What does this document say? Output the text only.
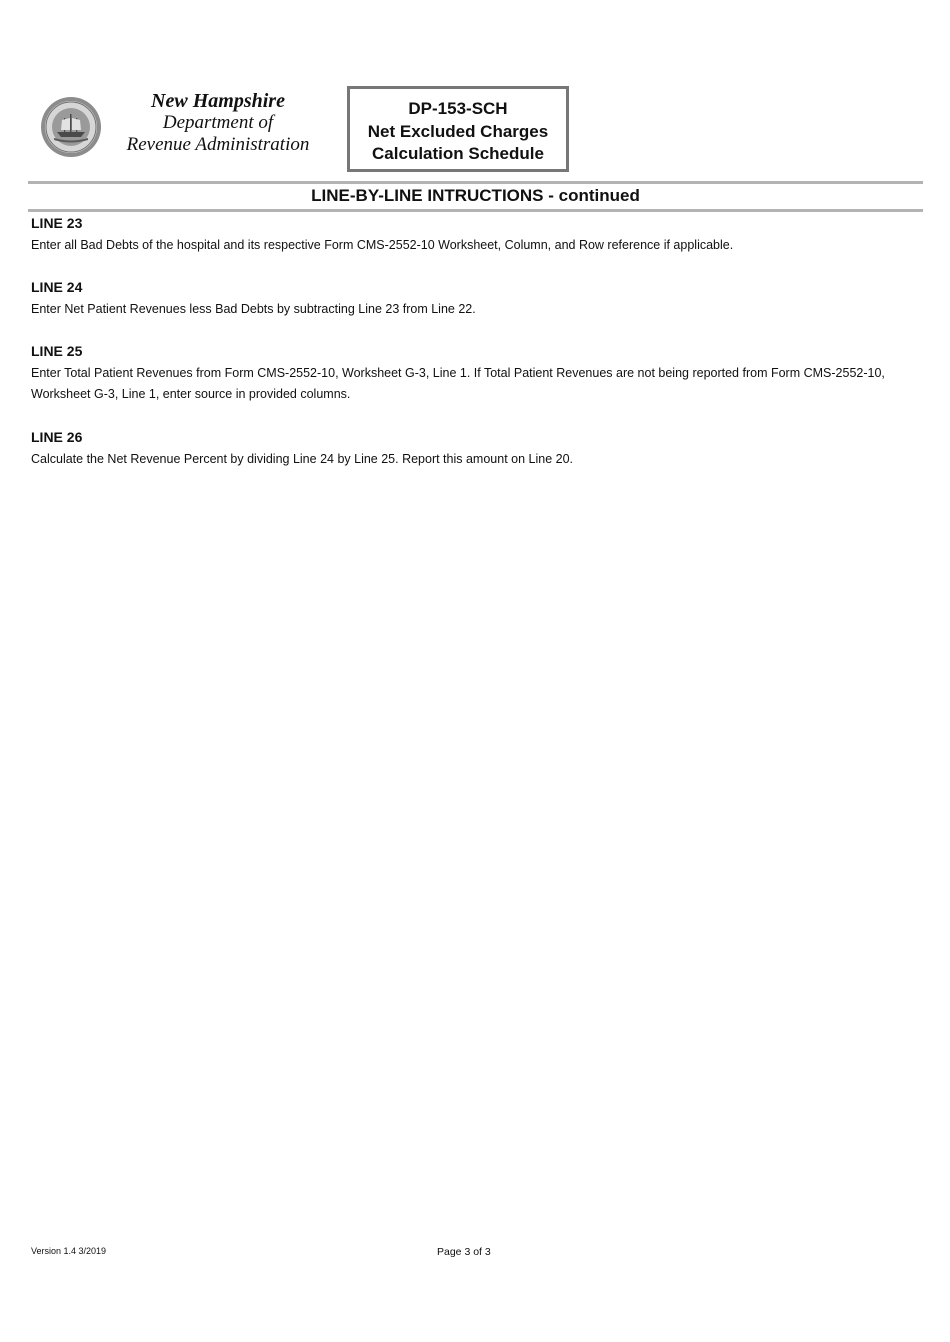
New Hampshire
Department of
Revenue Administration
DP-153-SCH
Net Excluded Charges
Calculation Schedule
LINE-BY-LINE INTRUCTIONS - continued
LINE 23
Enter all Bad Debts of the hospital and its respective Form CMS-2552-10 Worksheet, Column, and Row reference if applicable.
LINE 24
Enter Net Patient Revenues less Bad Debts by subtracting Line 23 from Line 22.
LINE 25
Enter Total Patient Revenues from Form CMS-2552-10, Worksheet G-3, Line 1. If Total Patient Revenues are not being reported from Form CMS-2552-10, Worksheet G-3, Line 1, enter source in provided columns.
LINE 26
Calculate the Net Revenue Percent by dividing Line 24 by Line 25. Report this amount on Line 20.
Version 1.4 3/2019	Page 3 of 3
